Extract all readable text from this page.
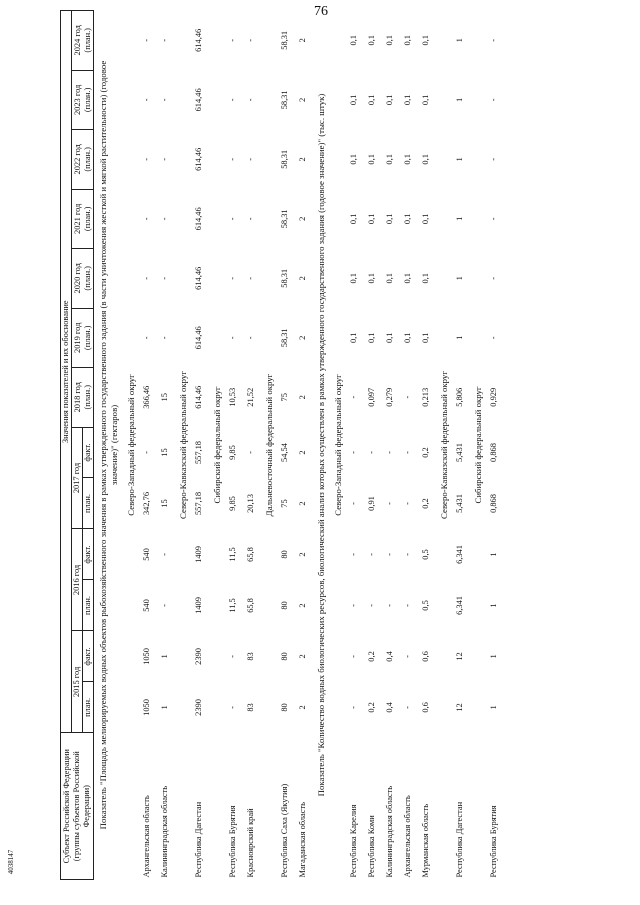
76
4038147	Субъект Российской Федерации (группы субъектов Российской Федерации)	Значения показателей и их обоснование												
	2015 год		2016 год		2017 год		2018 год (план.)	2019 год (план.)	2020 год (план.)	2021 год (план.)	2022 год (план.)	2023 год (план.)	2024 год (план.)
	план.	факт.	план.	факт.	план.	факт.							
Показатель "Площадь мелиорируемых водных объектов рыбохозяйственного значения в рамках утвержденного государственного задания (в части уничтожения жесткой и мягкой растительности) (годовое значение)" (гектаров)													
Северо-Западный федеральный округ													
Архангельская область	1050	1050	540	540	342,76	-	366,46	-	-	-	-	-	-
Калининградская область	1	1	-	-	15	15	15	-	-	-	-	-	-
Северо-Кавказский федеральный округ													
Республика Дагестан	2390	2390	1409	1409	557,18	557,18	614,46	614,46	614,46	614,46	614,46	614,46	614,46
Сибирский федеральный округ													
Республика Бурятия	-	-	11,5	11,5	9,85	9,85	10,53	-	-	-	-	-	-
Красноярский край	83	83	65,8	65,8	20,13	-	21,52	-	-	-	-	-	-
Дальневосточный федеральный округ													
Республика Саха (Якутия)	80	80	80	80	75	54,54	75	58,31	58,31	58,31	58,31	58,31	58,31
Магаданская область	2	2	2	2	2	2	2	2	2	2	2	2	2
Показатель "Количество водных биологических ресурсов, биологический анализ которых осуществлен в рамках утвержденного государственного задания (годовое значение)" (тыс. штук)													
Северо-Западный федеральный округ													
Республика Карелия	-	-	-	-	-	-	-	0,1	0,1	0,1	0,1	0,1	0,1
Республика Коми	0,2	0,2	-	-	0,91	-	0,097	0,1	0,1	0,1	0,1	0,1	0,1
Калининградская область	0,4	0,4	-	-	-	-	0,279	0,1	0,1	0,1	0,1	0,1	0,1
Архангельская область	-	-	-	-	-	-	-	0,1	0,1	0,1	0,1	0,1	0,1
Мурманская область	0,6	0,6	0,5	0,5	0,2	0,2	0,213	0,1	0,1	0,1	0,1	0,1	0,1
Северо-Кавказский федеральный округ													
Республика Дагестан	12	12	6,341	6,341	5,431	5,431	5,806	1	1	1	1	1	1
Сибирский федеральный округ													
Республика Бурятия	1	1	1	1	0,868	0,868	0,929	-	-	-	-	-	-
